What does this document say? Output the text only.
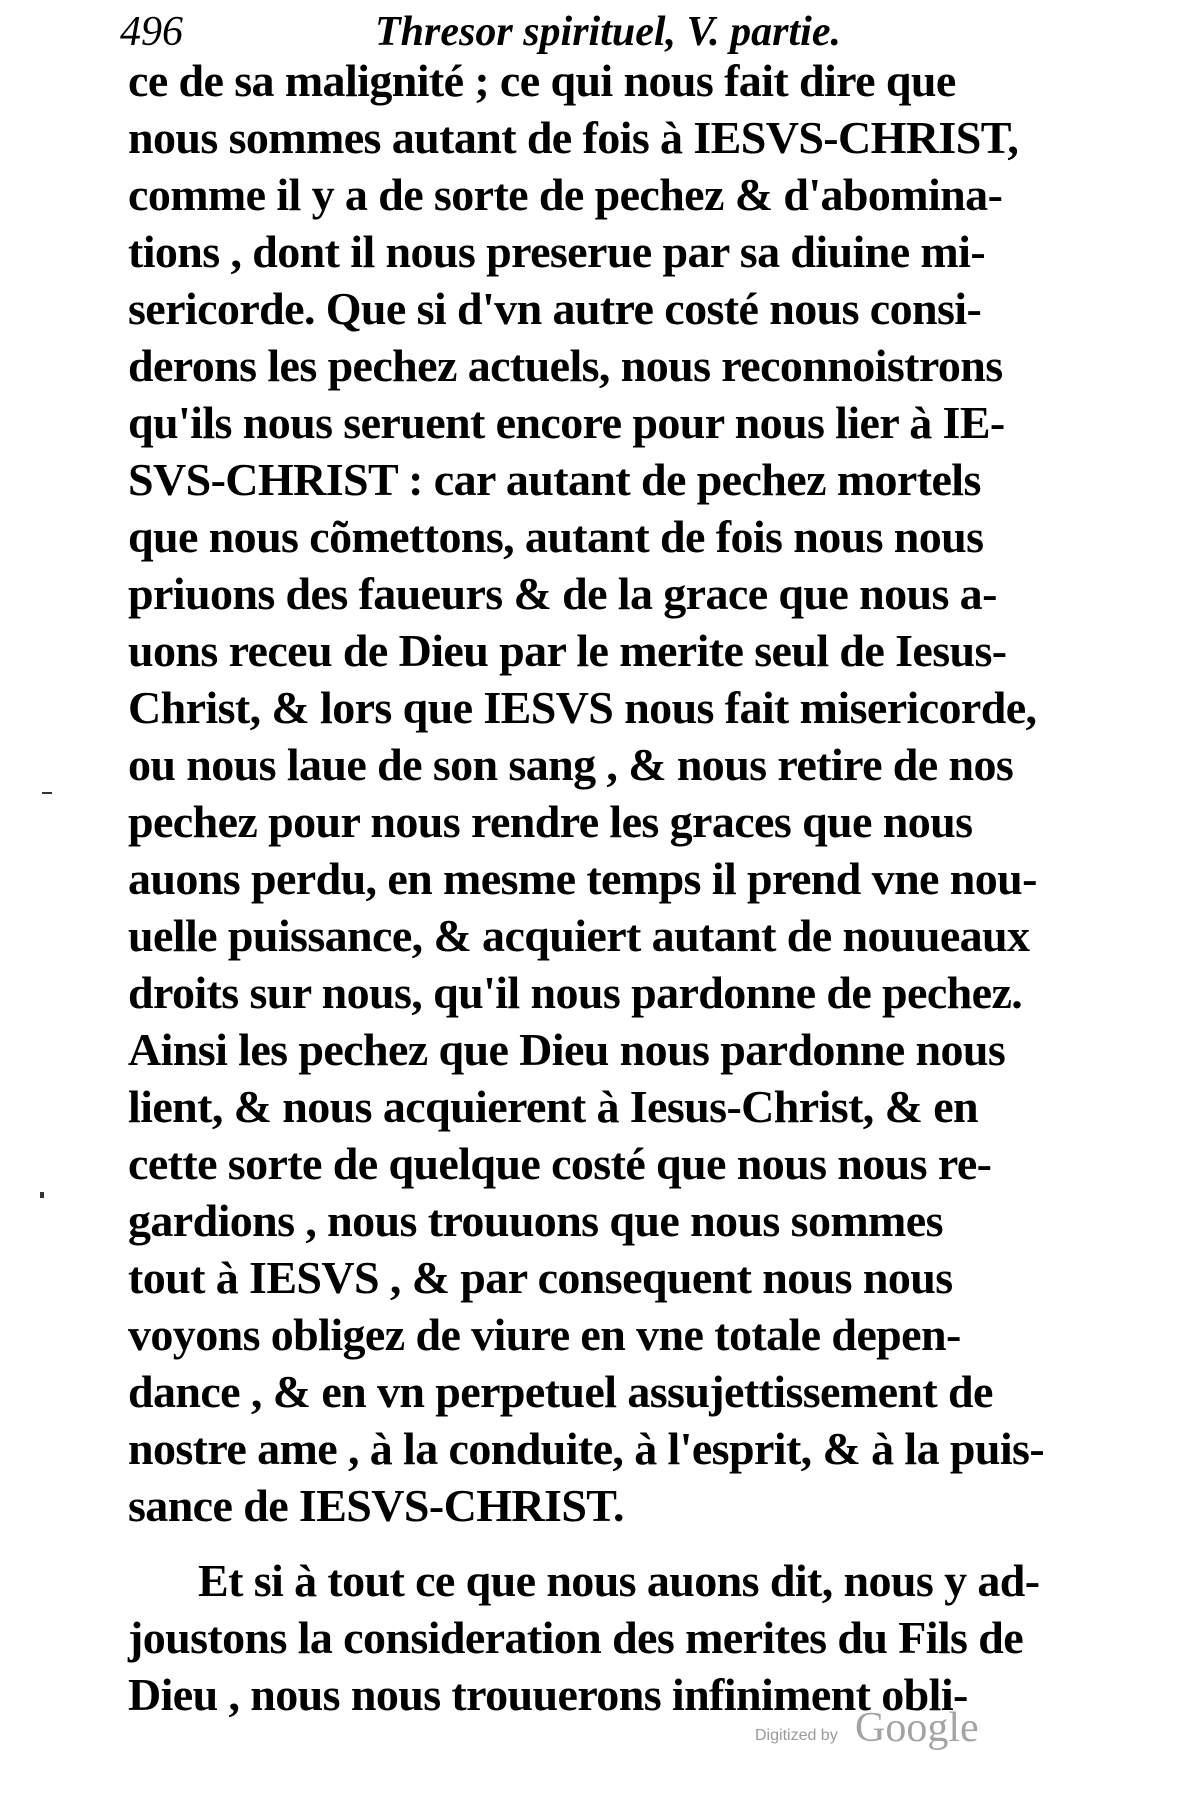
496	Thresor spirituel, V. partie.
ce de sa malignité ; ce qui nous fait dire que
nous sommes autant de fois à IESVS-CHRIST,
comme il y a de sorte de pechez & d'abomina-
tions , dont il nous preserue par sa diuine mi-
sericorde. Que si d'vn autre costé nous consi-
derons les pechez actuels, nous reconnoistrons
qu'ils nous seruent encore pour nous lier à IE-
SVS-CHRIST : car autant de pechez mortels
que nous cõmettons, autant de fois nous nous
priuons des faueurs & de la grace que nous a-
uons receu de Dieu par le merite seul de Iesus-
Christ, & lors que IESVS nous fait misericorde,
ou nous laue de son sang , & nous retire de nos
pechez pour nous rendre les graces que nous
auons perdu, en mesme temps il prend vne nou-
uelle puissance, & acquiert autant de nouueaux
droits sur nous, qu'il nous pardonne de pechez.
Ainsi les pechez que Dieu nous pardonne nous
lient, & nous acquierent à Iesus-Christ, & en
cette sorte de quelque costé que nous nous re-
gardions , nous trouuons que nous sommes
tout à IESVS , & par consequent nous nous
voyons obligez de viure en vne totale depen-
dance , & en vn perpetuel assujettissement de
nostre ame , à la conduite, à l'esprit, & à la puis-
sance de IESVS-CHRIST.
Et si à tout ce que nous auons dit, nous y ad-
joustons la consideration des merites du Fils de
Dieu , nous nous trouuerons infiniment obli-
Digitized by Google
